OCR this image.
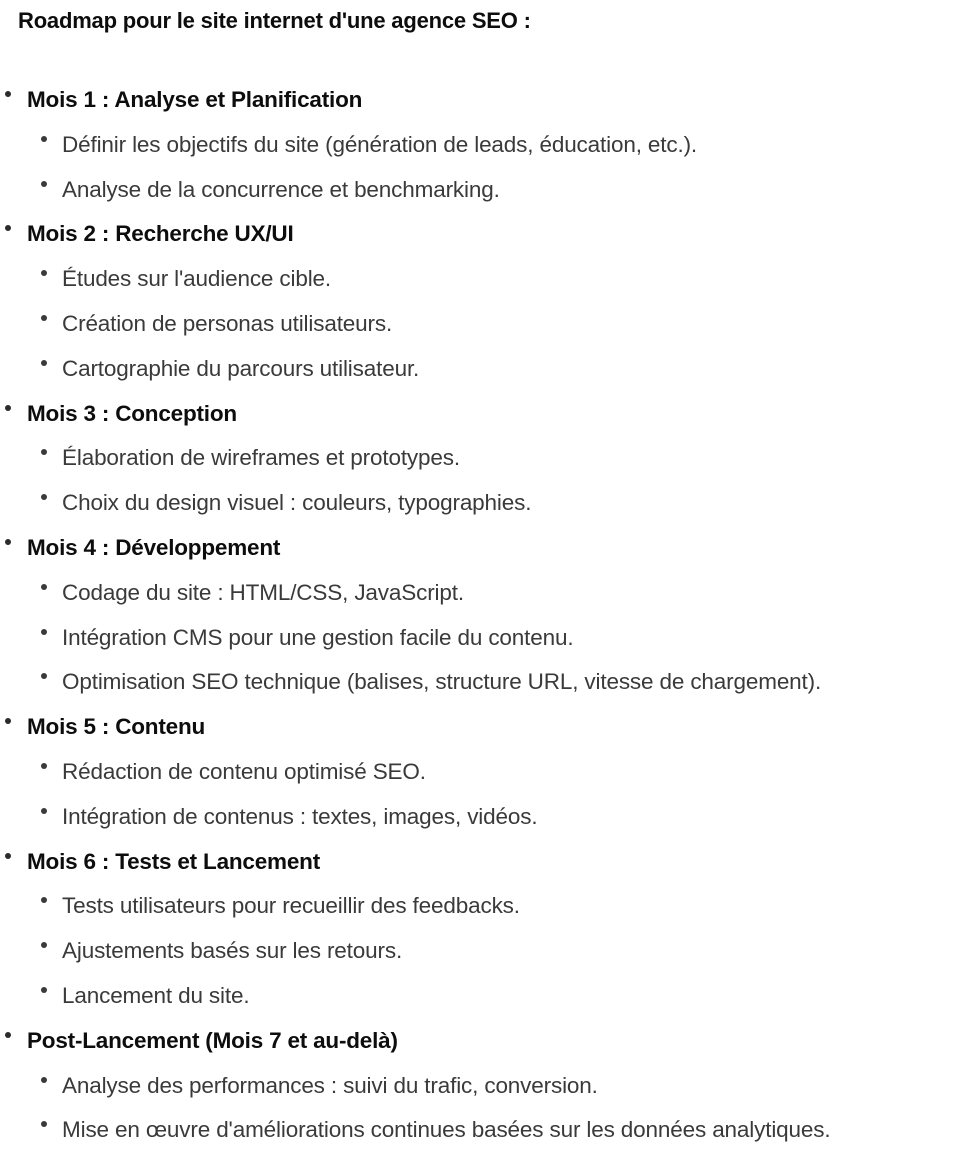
Roadmap pour le site internet d'une agence SEO :
Mois 1 : Analyse et Planification
Définir les objectifs du site (génération de leads, éducation, etc.).
Analyse de la concurrence et benchmarking.
Mois 2 : Recherche UX/UI
Études sur l'audience cible.
Création de personas utilisateurs.
Cartographie du parcours utilisateur.
Mois 3 : Conception
Élaboration de wireframes et prototypes.
Choix du design visuel : couleurs, typographies.
Mois 4 : Développement
Codage du site : HTML/CSS, JavaScript.
Intégration CMS pour une gestion facile du contenu.
Optimisation SEO technique (balises, structure URL, vitesse de chargement).
Mois 5 : Contenu
Rédaction de contenu optimisé SEO.
Intégration de contenus : textes, images, vidéos.
Mois 6 : Tests et Lancement
Tests utilisateurs pour recueillir des feedbacks.
Ajustements basés sur les retours.
Lancement du site.
Post-Lancement (Mois 7 et au-delà)
Analyse des performances : suivi du trafic, conversion.
Mise en œuvre d'améliorations continues basées sur les données analytiques.
